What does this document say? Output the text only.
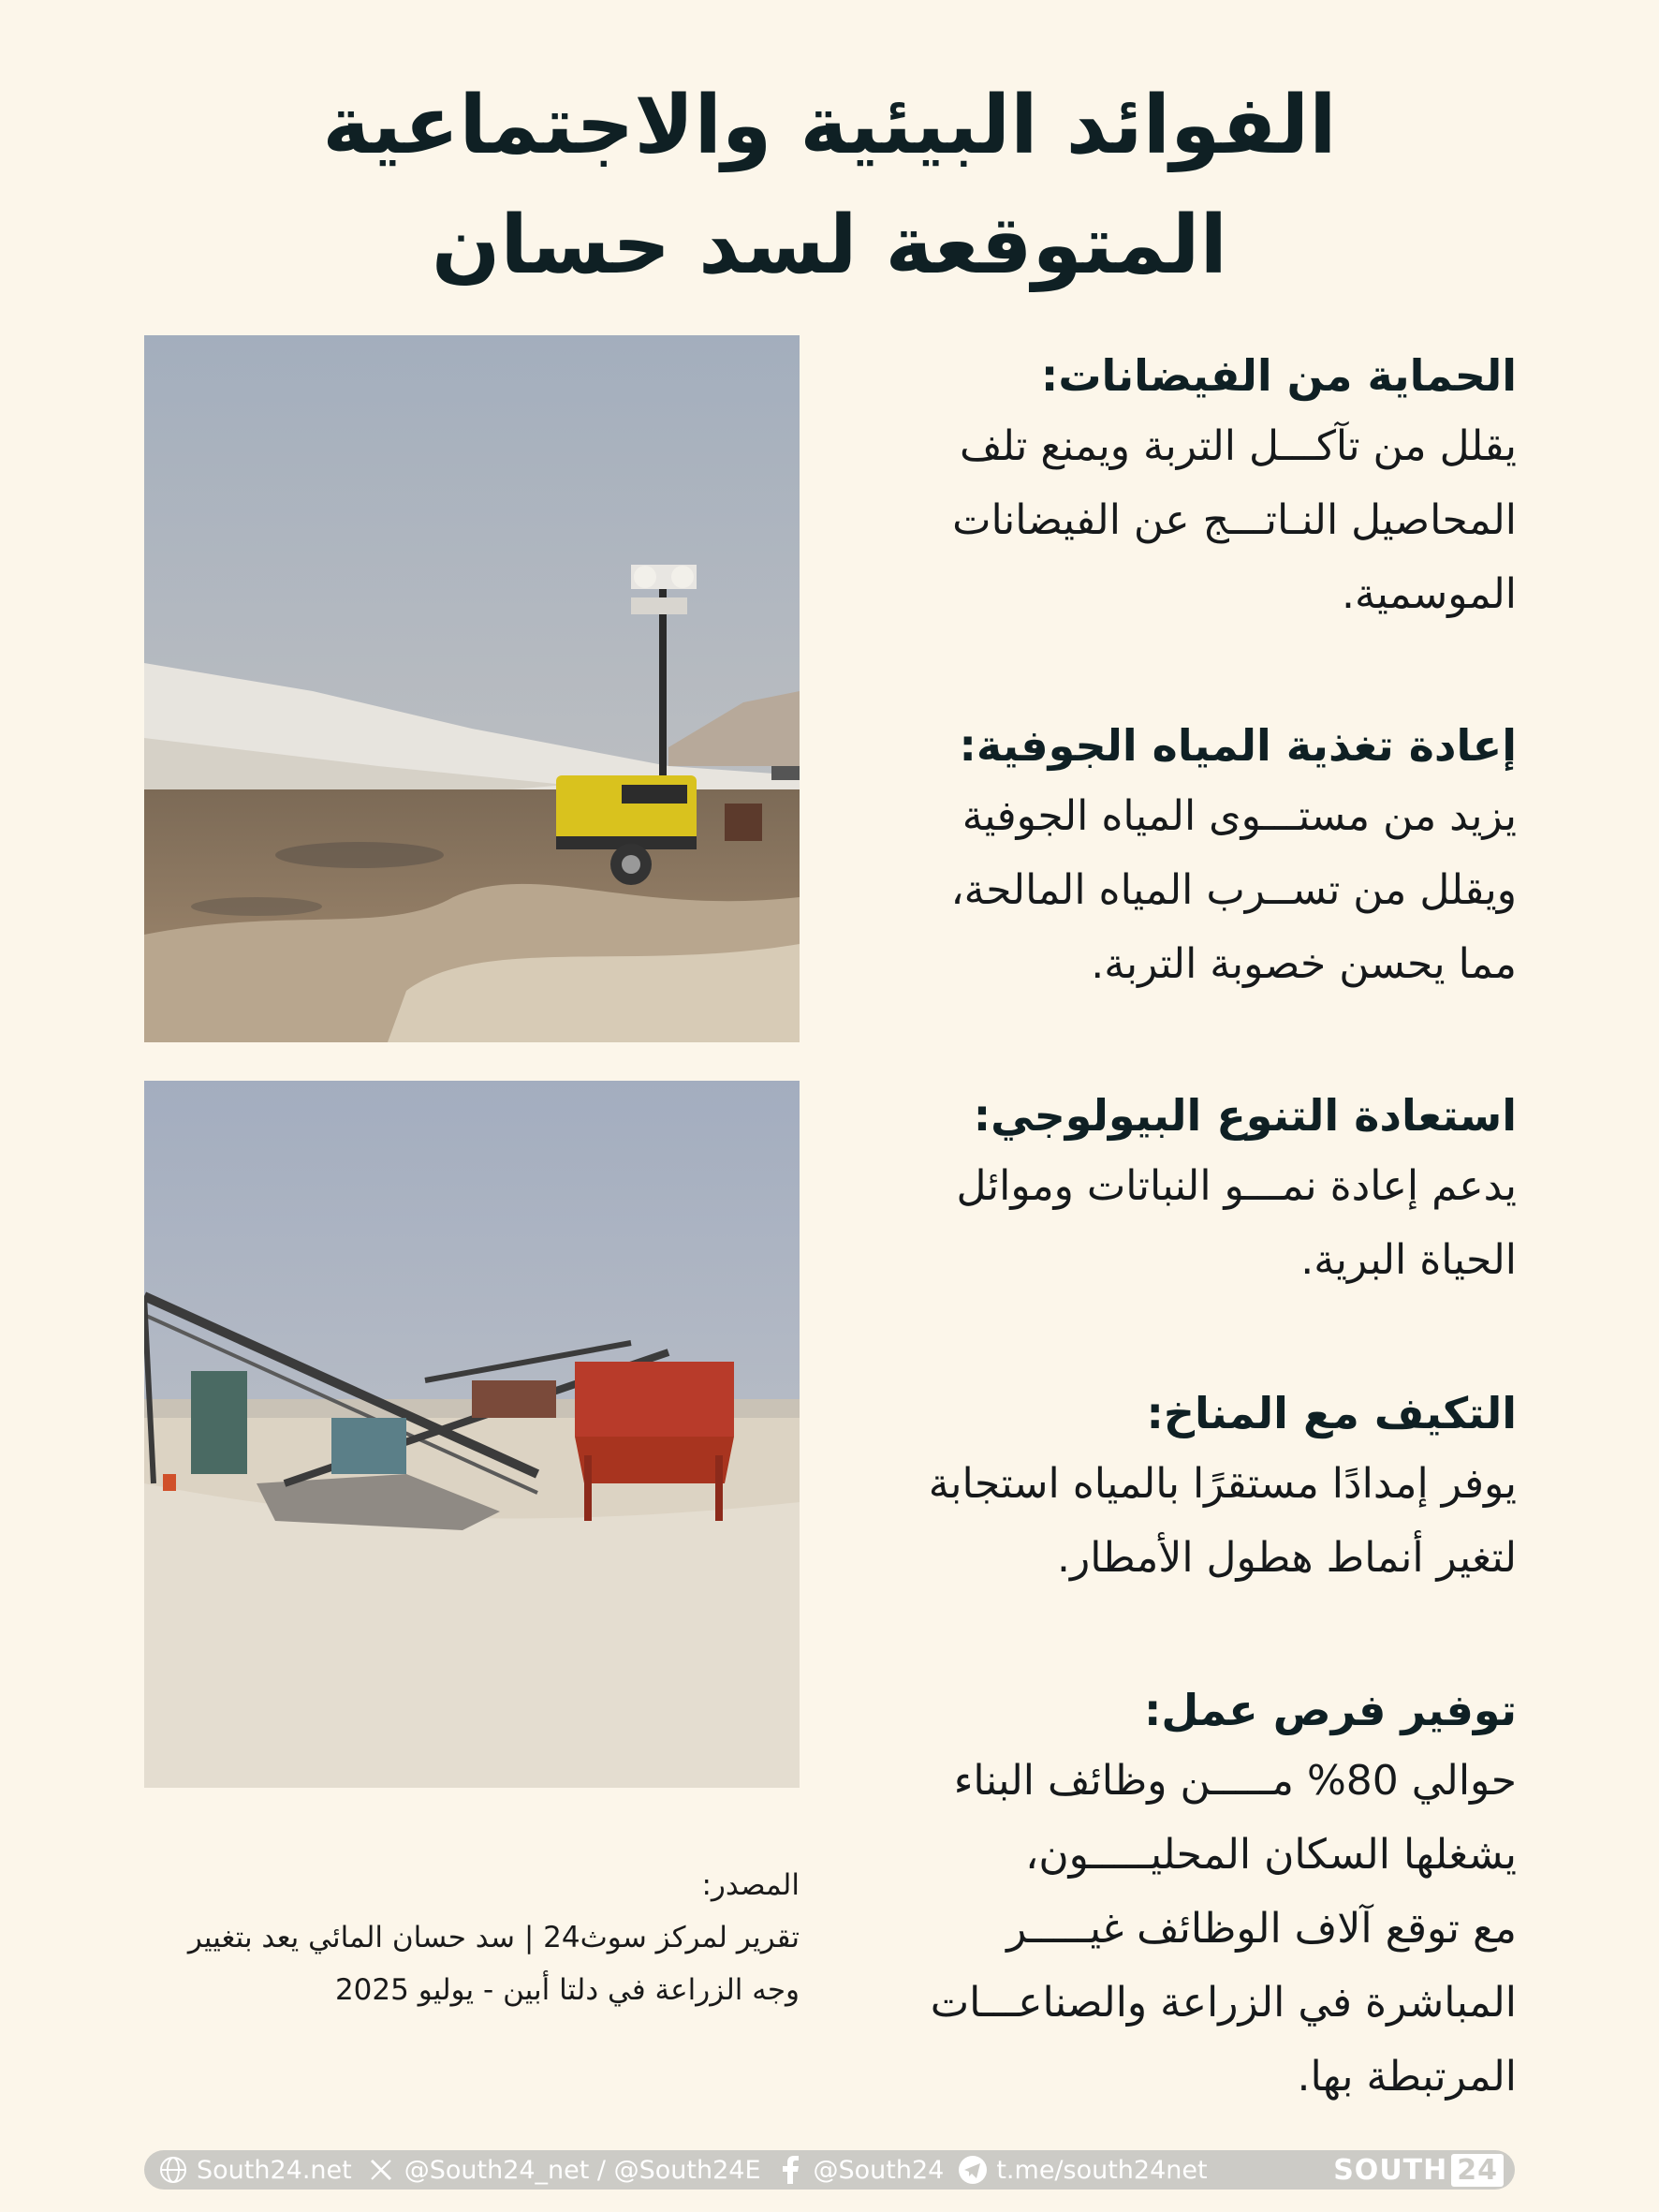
الفوائد البيئية والاجتماعية
المتوقعة لسد حسان
الحماية من الفيضانات:

يقلل من تآكـــل التربة ويمنع تلف

المحاصيل النـاتـــج عن الفيضانات

الموسمية.

إعادة تغذية المياه الجوفية:

يزيد من مستـــوى المياه الجوفية

ويقلل من تســرب المياه المالحة،

مما يحسن خصوبة التربة.

استعادة التنوع البيولوجي:

يدعم إعادة نمـــو النباتات وموائل

الحياة البرية.

التكيف مع المناخ:

يوفر إمدادًا مستقرًا بالمياه استجابة

لتغير أنماط هطول الأمطار.

توفير فرص عمل:

حوالي 80% مـــــن وظائف البناء

يشغلها السكان المحليـــــون،

مع توقع آلاف الوظائف غيـــــر

المباشرة في الزراعة والصناعـــات

المرتبطة بها.

المصدر:
تقرير لمركز سوث24 | سد حسان المائي يعد بتغيير وجه الزراعة في دلتا أبين - يوليو 2025
South24.net @South24_net / @South24E @South24 t.me/south24net	SOUTH 24
